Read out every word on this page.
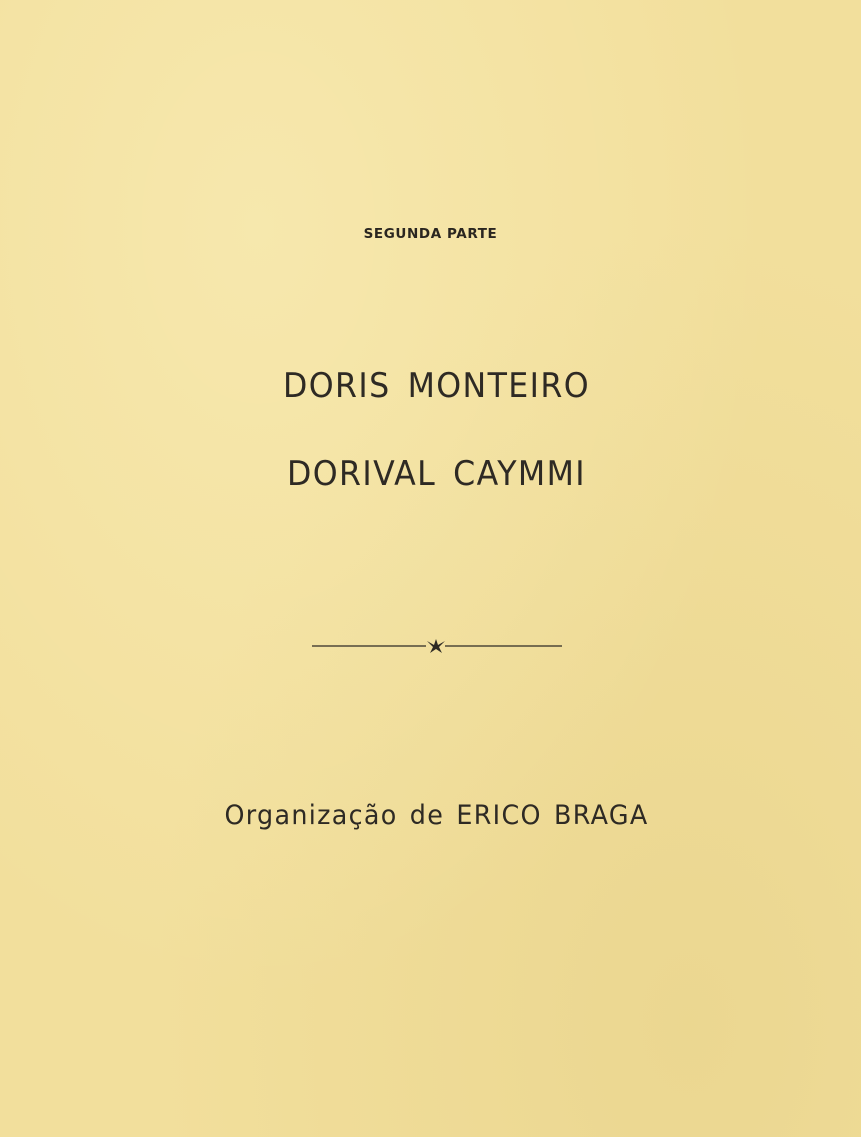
SEGUNDA PARTE
DORIS MONTEIRO
DORIVAL CAYMMI
Organização de ERICO BRAGA
